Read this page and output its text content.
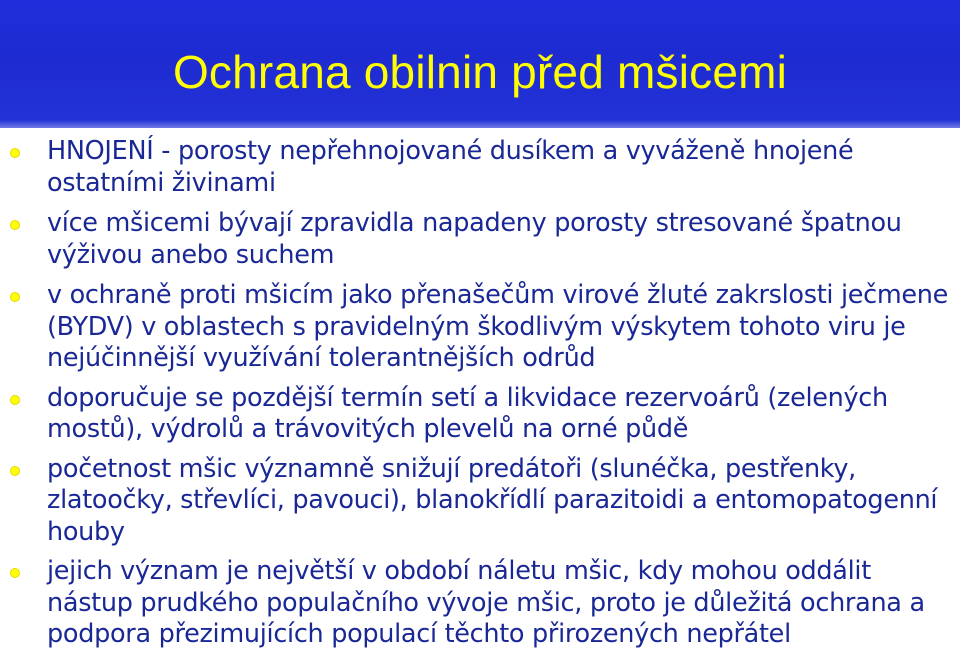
Ochrana obilnin před mšicemi
HNOJENÍ - porosty nepřehnojované dusíkem a vyváženě hnojené ostatními živinami
více mšicemi bývají zpravidla napadeny porosty stresované špatnou výživou anebo suchem
v ochraně proti mšicím jako přenašečům virové žluté zakrslosti ječmene (BYDV) v oblastech s pravidelným škodlivým výskytem tohoto viru je nejúčinnější využívání tolerantnějších odrůd
doporučuje se pozdější termín setí a likvidace rezervoárů (zelených mostů), výdrolů a trávovitých plevelů na orné půdě
početnost mšic významně snižují predátoři (slunéčka, pestřenky, zlatoočky, střevlíci, pavouci), blanokřídlí parazitoidi a entomopatogenní houby
jejich význam je největší v období náletu mšic, kdy mohou oddálit nástup prudkého populačního vývoje mšic, proto je důležitá ochrana a podpora přezimujících populací těchto přirozených nepřátel
